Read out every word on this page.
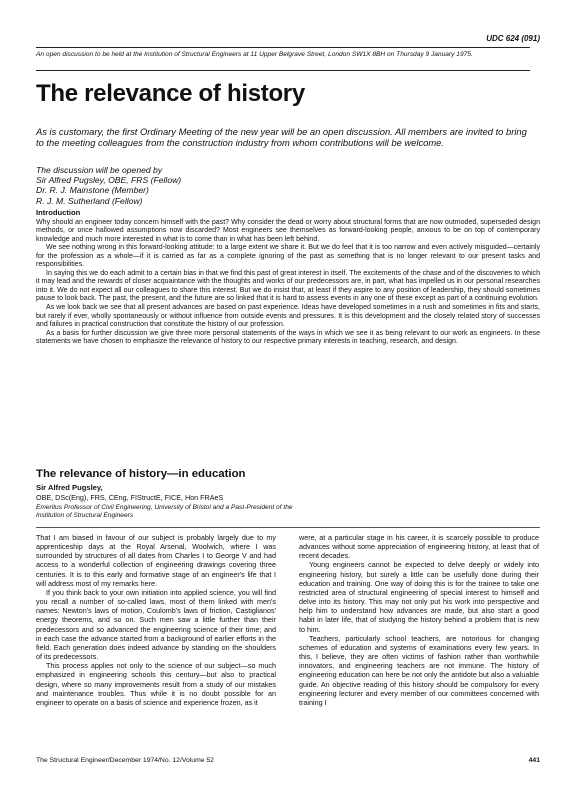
UDC 624 (091)
An open discussion to be held at the Institution of Structural Engineers at 11 Upper Belgrave Street, London SW1X 8BH on Thursday 9 January 1975.
The relevance of history
As is customary, the first Ordinary Meeting of the new year will be an open discussion. All members are invited to bring to the meeting colleagues from the construction industry from whom contributions will be welcome.
The discussion will be opened by
Sir Alfred Pugsley, OBE, FRS (Fellow)
Dr. R. J. Mainstone (Member)
R. J. M. Sutherland (Fellow)
Introduction

Why should an engineer today concern himself with the past? Why consider the dead or worry about structural forms that are now outmoded, superseded design methods, or once hallowed assumptions now discarded? Most engineers see themselves as forward-looking people, anxious to be on top of contemporary knowledge and much more interested in what is to come than in what has been left behind.

We see nothing wrong in this forward-looking attitude: to a large extent we share it. But we do feel that it is too narrow and even actively misguided—certainly for the profession as a whole—if it is carried as far as a complete ignoring of the past as something that is no longer relevant to our present tasks and responsibilities.

In saying this we do each admit to a certain bias in that we find this past of great interest in itself. The excitements of the chase and of the discoveries to which it may lead and the rewards of closer acquaintance with the thoughts and works of our predecessors are, in part, what has impelled us in our personal researches into it. We do not expect all our colleagues to share this interest. But we do insist that, at least if they aspire to any position of leadership, they should sometimes pause to look back. The past, the present, and the future are so linked that it is hard to assess events in any one of these except as part of a continuing evolution.

As we look back we see that all present advances are based on past experience. Ideas have developed sometimes in a rush and sometimes in fits and starts, but rarely if ever, wholly spontaneously or without influence from outside events and pressures. It is this development and the closely related story of successes and failures in practical construction that constitute the history of our profession.

As a basis for further discussion we give three more personal statements of the ways in which we see it as being relevant to our work as engineers. In these statements we have chosen to emphasize the relevance of history to our respective primary interests in teaching, research, and design.

The relevance of history—in education
Sir Alfred Pugsley,
OBE, DSc(Eng), FRS, CEng, FIStructE, FICE, Hon FRAeS
Emeritus Professor of Civil Engineering, University of Bristol and a Past-President of the Institution of Structural Engineers

That I am biased in favour of our subject is probably largely due to my apprenticeship days at the Royal Arsenal, Woolwich, where I was surrounded by structures of all dates from Charles I to George V and had access to a wonderful collection of engineering drawings covering three centuries. It is to this early and formative stage of an engineer's life that I will address most of my remarks here.

If you think back to your own initiation into applied science, you will find you recall a number of so-called laws, most of them linked with men's names: Newton's laws of motion, Coulomb's laws of friction, Castiglianos' energy theorems, and so on. Such men saw a little further than their predecessors and so advanced the engineering science of their time; and in each case the advance started from a background of earlier efforts in the field. Each generation does indeed advance by standing on the shoulders of its predecessors.

This process applies not only to the science of our subject—so much emphasized in engineering schools this century—but also to practical design, where so many improvements result from a study of our mistakes and maintenance troubles. Thus while it is no doubt possible for an engineer to operate on a basis of science and experience frozen, as it

were, at a particular stage in his career, it is scarcely possible to produce advances without some appreciation of engineering history, at least that of recent decades.

Young engineers cannot be expected to delve deeply or widely into engineering history, but surely a little can be usefully done during their education and training. One way of doing this is for the trainee to take one restricted area of structural engineering of special interest to himself and delve into its history. This may not only put his work into perspective and help him to understand how advances are made, but also start a good habit in later life, that of studying the history behind a problem that is new to him.

Teachers, particularly school teachers, are notorious for changing schemes of education and systems of examinations every few years. In this, I believe, they are often victims of fashion rather than worthwhile innovators, and engineering teachers are not immune. The history of engineering education can here be not only the antidote but also a valuable guide. An objective reading of this history should be compulsory for every engineering lecturer and every member of our committees concerned with training I

The Structural Engineer/December 1974/No. 12/Volume 52	441
